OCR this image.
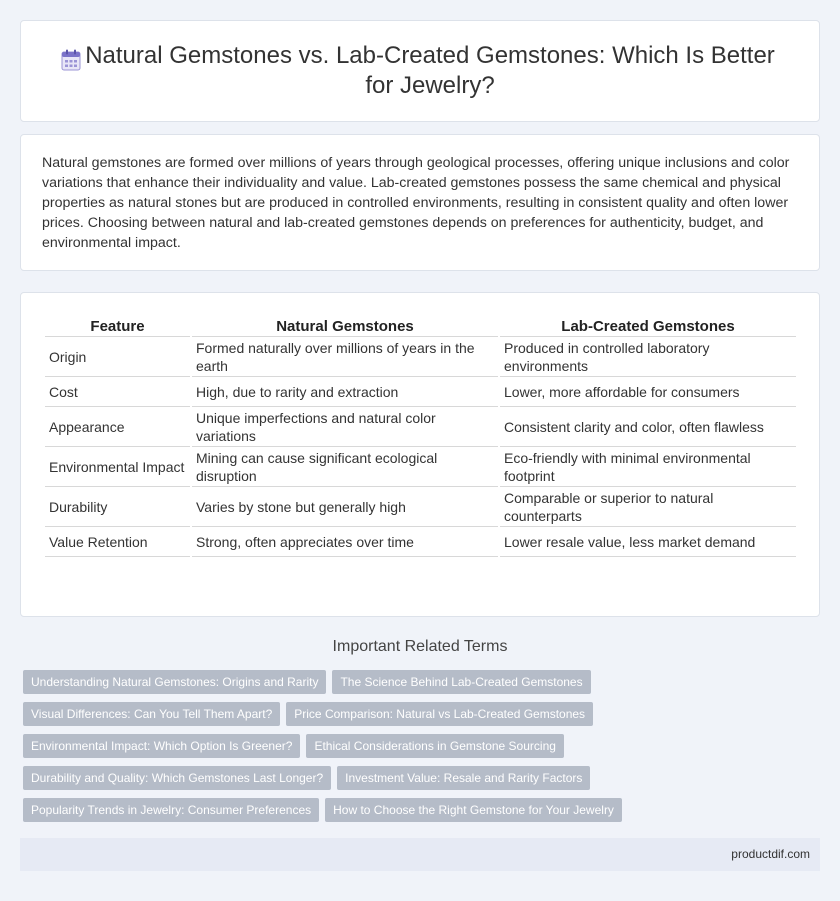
Natural Gemstones vs. Lab-Created Gemstones: Which Is Better for Jewelry?

Natural gemstones are formed over millions of years through geological processes, offering unique inclusions and color variations that enhance their individuality and value. Lab-created gemstones possess the same chemical and physical properties as natural stones but are produced in controlled environments, resulting in consistent quality and often lower prices. Choosing between natural and lab-created gemstones depends on preferences for authenticity, budget, and environmental impact.

Feature	Natural Gemstones	Lab-Created Gemstones
Origin	Formed naturally over millions of years in the earth	Produced in controlled laboratory environments
Cost	High, due to rarity and extraction	Lower, more affordable for consumers
Appearance	Unique imperfections and natural color variations	Consistent clarity and color, often flawless
Environmental Impact	Mining can cause significant ecological disruption	Eco-friendly with minimal environmental footprint
Durability	Varies by stone but generally high	Comparable or superior to natural counterparts
Value Retention	Strong, often appreciates over time	Lower resale value, less market demand
Important Related Terms
Understanding Natural Gemstones: Origins and Rarity	The Science Behind Lab-Created Gemstones
Visual Differences: Can You Tell Them Apart?	Price Comparison: Natural vs Lab-Created Gemstones
Environmental Impact: Which Option Is Greener?	Ethical Considerations in Gemstone Sourcing
Durability and Quality: Which Gemstones Last Longer?	Investment Value: Resale and Rarity Factors
Popularity Trends in Jewelry: Consumer Preferences	How to Choose the Right Gemstone for Your Jewelry
productdif.com
